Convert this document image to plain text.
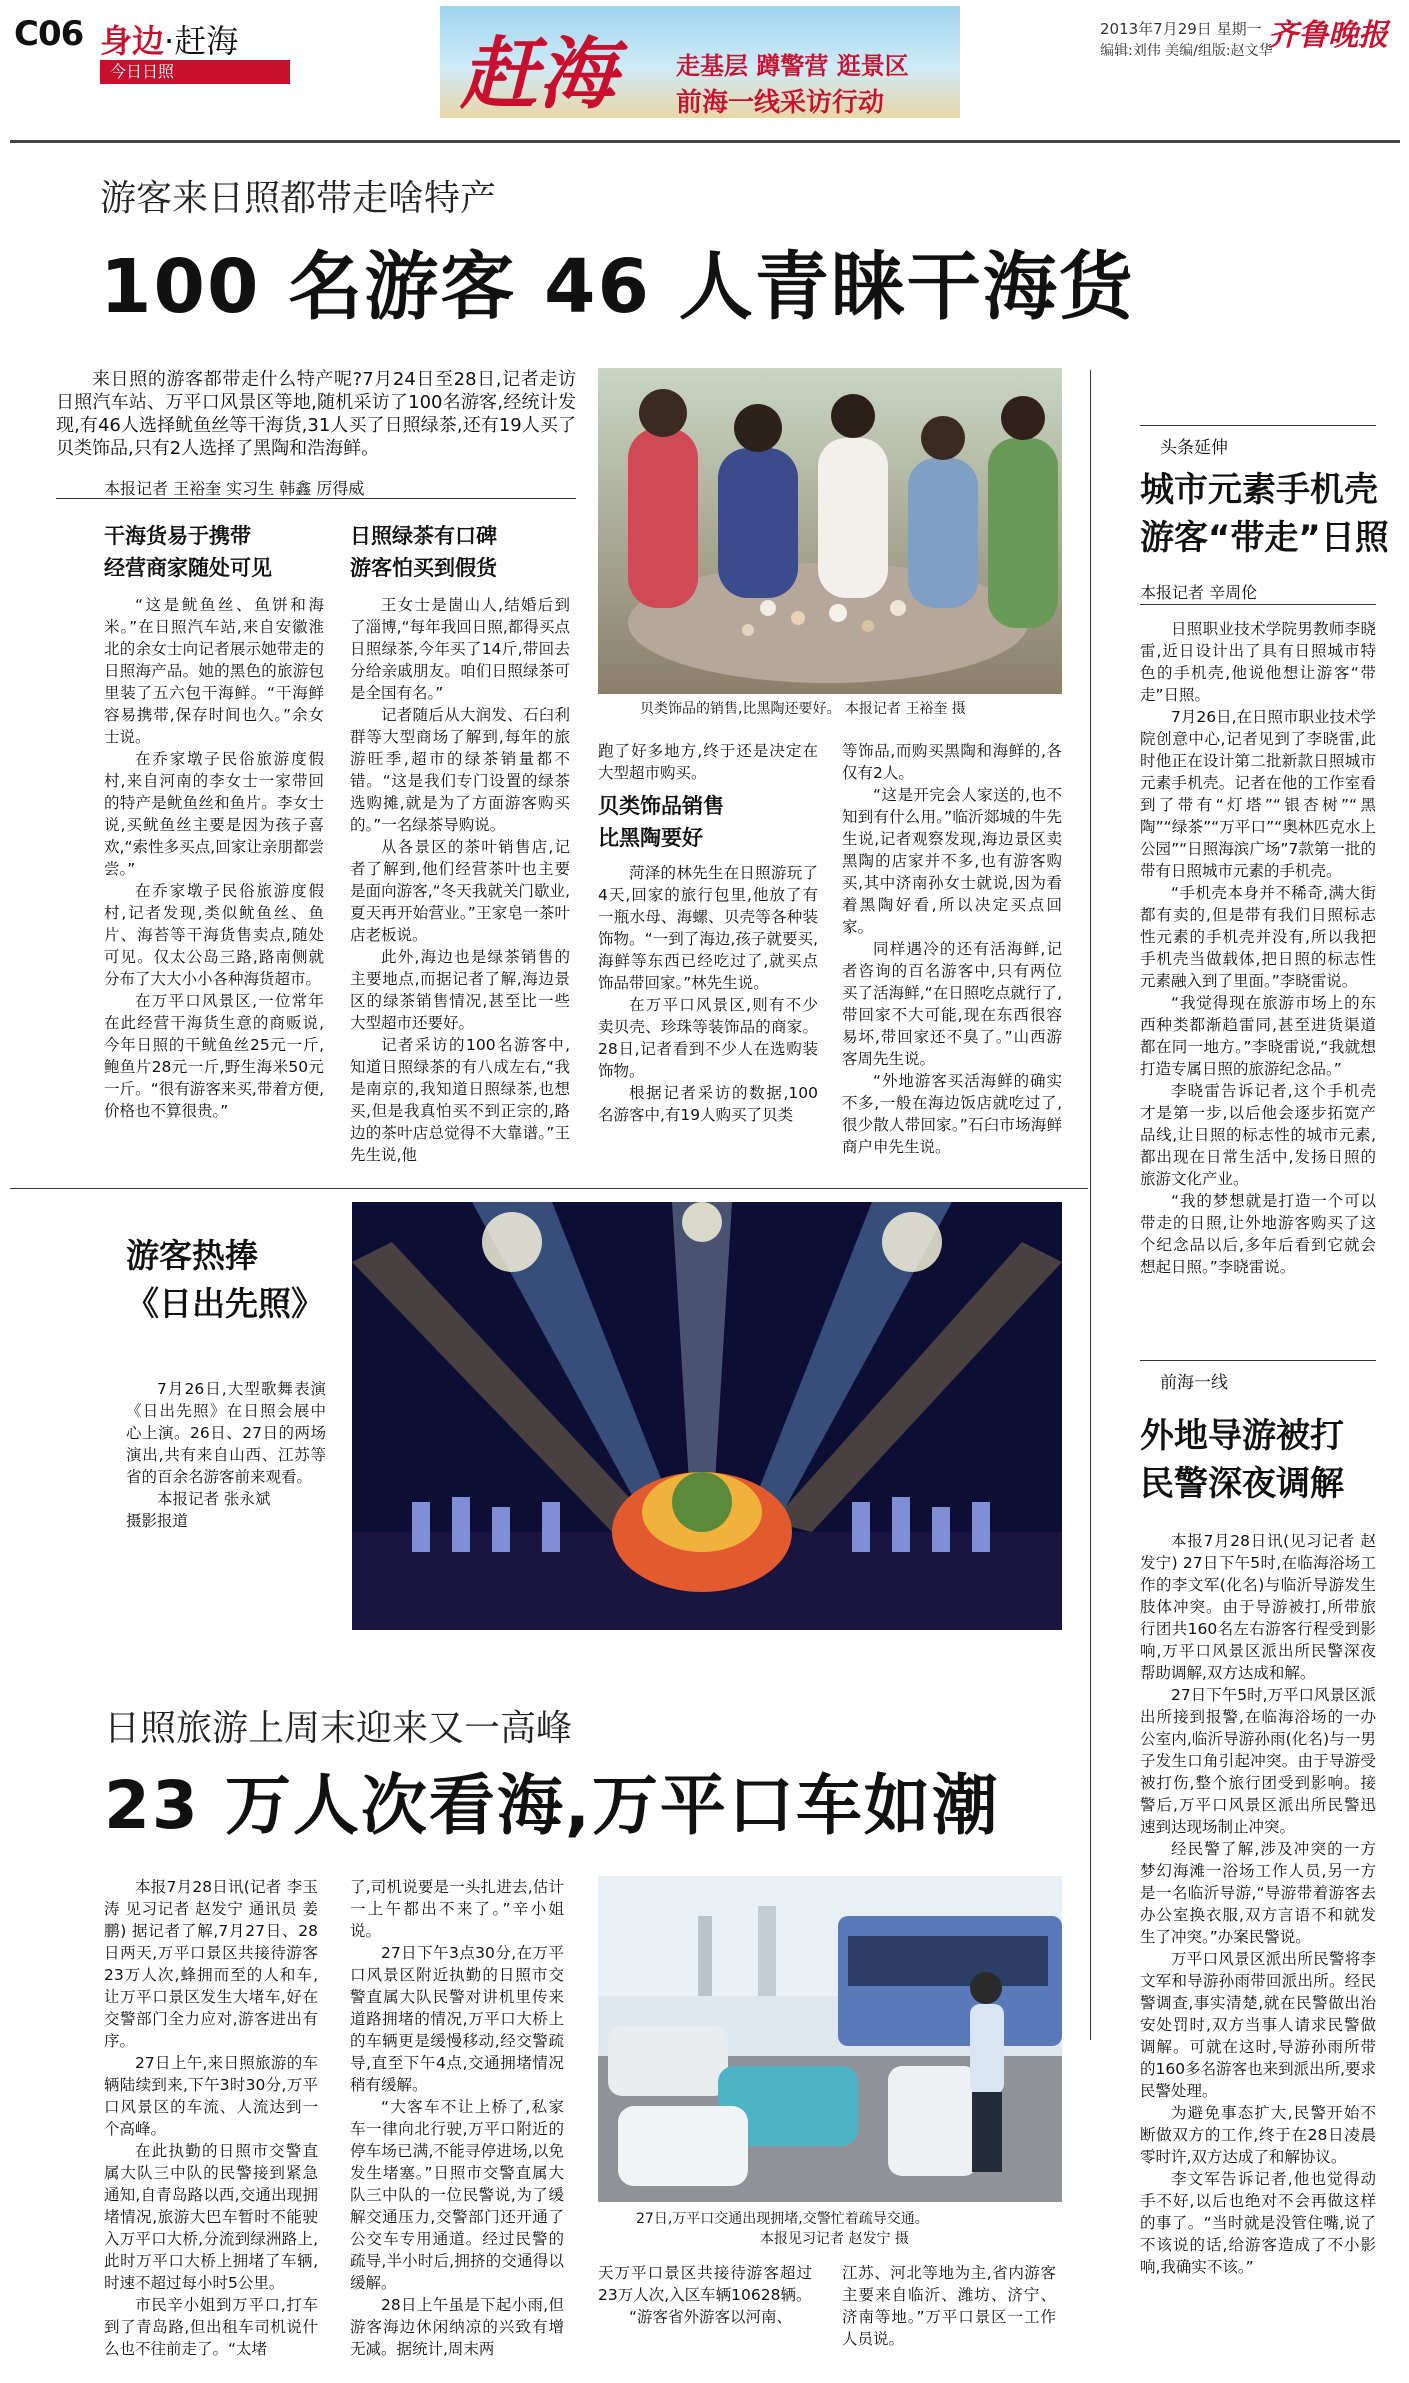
C06 身边·赶海
今日日照	赶海 走基层 蹲警营 逛景区
前海一线采访行动
2013年7月29日 星期一
编辑:刘伟 美编/组版:赵文华
齐鲁晚报
游客来日照都带走啥特产
100 名游客 46 人青睐干海货
来日照的游客都带走什么特产呢?7月24日至28日,记者走访日照汽车站、万平口风景区等地,随机采访了100名游客,经统计发现,有46人选择鱿鱼丝等干海货,31人买了日照绿茶,还有19人买了贝类饰品,只有2人选择了黑陶和浩海鲜。
本报记者 王裕奎 实习生 韩鑫 厉得威
贝类饰品的销售,比黑陶还要好。 本报记者 王裕奎 摄
干海货易于携带
经营商家随处可见

“这是鱿鱼丝、鱼饼和海米。”在日照汽车站,来自安徽淮北的余女士向记者展示她带走的日照海产品。她的黑色的旅游包里装了五六包干海鲜。“干海鲜容易携带,保存时间也久。”余女士说。

在乔家墩子民俗旅游度假村,来自河南的李女士一家带回的特产是鱿鱼丝和鱼片。李女士说,买鱿鱼丝主要是因为孩子喜欢,“索性多买点,回家让亲朋都尝尝。”

在乔家墩子民俗旅游度假村,记者发现,类似鱿鱼丝、鱼片、海苔等干海货售卖点,随处可见。仅太公岛三路,路南侧就分布了大大小小各种海货超市。

在万平口风景区,一位常年在此经营干海货生意的商贩说,今年日照的干鱿鱼丝25元一斤,鲍鱼片28元一斤,野生海米50元一斤。“很有游客来买,带着方便,价格也不算很贵。”

日照绿茶有口碑
游客怕买到假货

王女士是崮山人,结婚后到了淄博,“每年我回日照,都得买点日照绿茶,今年买了14斤,带回去分给亲戚朋友。咱们日照绿茶可是全国有名。”

记者随后从大润发、石臼利群等大型商场了解到,每年的旅游旺季,超市的绿茶销量都不错。“这是我们专门设置的绿茶选购摊,就是为了方面游客购买的。”一名绿茶导购说。

从各景区的茶叶销售店,记者了解到,他们经营茶叶也主要是面向游客,“冬天我就关门歇业,夏天再开始营业。”王家皂一茶叶店老板说。

此外,海边也是绿茶销售的主要地点,而据记者了解,海边景区的绿茶销售情况,甚至比一些大型超市还要好。

记者采访的100名游客中,知道日照绿茶的有八成左右,“我是南京的,我知道日照绿茶,也想买,但是我真怕买不到正宗的,路边的茶叶店总觉得不大靠谱。”王先生说,他

跑了好多地方,终于还是决定在大型超市购买。

贝类饰品销售
比黑陶要好

菏泽的林先生在日照游玩了4天,回家的旅行包里,他放了有一瓶水母、海螺、贝壳等各种装饰物。“一到了海边,孩子就要买,海鲜等东西已经吃过了,就买点饰品带回家。”林先生说。

在万平口风景区,则有不少卖贝壳、珍珠等装饰品的商家。28日,记者看到不少人在选购装饰物。

根据记者采访的数据,100名游客中,有19人购买了贝类

等饰品,而购买黑陶和海鲜的,各仅有2人。

“这是开完会人家送的,也不知到有什么用。”临沂郯城的牛先生说,记者观察发现,海边景区卖黑陶的店家并不多,也有游客购买,其中济南孙女士就说,因为看着黑陶好看,所以决定买点回家。

同样遇冷的还有活海鲜,记者咨询的百名游客中,只有两位买了活海鲜,“在日照吃点就行了,带回家不大可能,现在东西很容易坏,带回家还不臭了。”山西游客周先生说。

“外地游客买活海鲜的确实不多,一般在海边饭店就吃过了,很少散人带回家。”石臼市场海鲜商户申先生说。

头条延伸
城市元素手机壳
游客“带走”日照
本报记者 辛周伦

日照职业技术学院男教师李晓雷,近日设计出了具有日照城市特色的手机壳,他说他想让游客“带走”日照。

7月26日,在日照市职业技术学院创意中心,记者见到了李晓雷,此时他正在设计第二批新款日照城市元素手机壳。记者在他的工作室看到了带有“灯塔”“银杏树”“黑陶”“绿茶”“万平口”“奥林匹克水上公园”“日照海滨广场”7款第一批的带有日照城市元素的手机壳。

“手机壳本身并不稀奇,满大街都有卖的,但是带有我们日照标志性元素的手机壳并没有,所以我把手机壳当做载体,把日照的标志性元素融入到了里面。”李晓雷说。

“我觉得现在旅游市场上的东西种类都渐趋雷同,甚至进货渠道都在同一地方。”李晓雷说,“我就想打造专属日照的旅游纪念品。”

李晓雷告诉记者,这个手机壳才是第一步,以后他会逐步拓宽产品线,让日照的标志性的城市元素,都出现在日常生活中,发扬日照的旅游文化产业。

“我的梦想就是打造一个可以带走的日照,让外地游客购买了这个纪念品以后,多年后看到它就会想起日照。”李晓雷说。

游客热捧
《日出先照》

7月26日,大型歌舞表演《日出先照》在日照会展中心上演。26日、27日的两场演出,共有来自山西、江苏等省的百余名游客前来观看。

本报记者 张永斌

摄影报道

前海一线
外地导游被打
民警深夜调解

本报7月28日讯(见习记者 赵发宁) 27日下午5时,在临海浴场工作的李文军(化名)与临沂导游发生肢体冲突。由于导游被打,所带旅行团共160名左右游客行程受到影响,万平口风景区派出所民警深夜帮助调解,双方达成和解。

27日下午5时,万平口风景区派出所接到报警,在临海浴场的一办公室内,临沂导游孙雨(化名)与一男子发生口角引起冲突。由于导游受被打伤,整个旅行团受到影响。接警后,万平口风景区派出所民警迅速到达现场制止冲突。

经民警了解,涉及冲突的一方梦幻海滩一浴场工作人员,另一方是一名临沂导游,“导游带着游客去办公室换衣服,双方言语不和就发生了冲突。”办案民警说。

万平口风景区派出所民警将李文军和导游孙雨带回派出所。经民警调查,事实清楚,就在民警做出治安处罚时,双方当事人请求民警做调解。可就在这时,导游孙雨所带的160多名游客也来到派出所,要求民警处理。

为避免事态扩大,民警开始不断做双方的工作,终于在28日凌晨零时许,双方达成了和解协议。

李文军告诉记者,他也觉得动手不好,以后也绝对不会再做这样的事了。“当时就是没管住嘴,说了不该说的话,给游客造成了不小影响,我确实不该。”

日照旅游上周末迎来又一高峰
23 万人次看海,万平口车如潮

本报7月28日讯(记者 李玉涛 见习记者 赵发宁 通讯员 姜鹏) 据记者了解,7月27日、28日两天,万平口景区共接待游客23万人次,蜂拥而至的人和车,让万平口景区发生大堵车,好在交警部门全力应对,游客进出有序。

27日上午,来日照旅游的车辆陆续到来,下午3时30分,万平口风景区的车流、人流达到一个高峰。

在此执勤的日照市交警直属大队三中队的民警接到紧急通知,自青岛路以西,交通出现拥堵情况,旅游大巴车暂时不能驶入万平口大桥,分流到绿洲路上,此时万平口大桥上拥堵了车辆,时速不超过每小时5公里。

市民辛小姐到万平口,打车到了青岛路,但出租车司机说什么也不往前走了。“太堵

了,司机说要是一头扎进去,估计一上午都出不来了。”辛小姐说。

27日下午3点30分,在万平口风景区附近执勤的日照市交警直属大队民警对讲机里传来道路拥堵的情况,万平口大桥上的车辆更是缓慢移动,经交警疏导,直至下午4点,交通拥堵情况稍有缓解。

“大客车不让上桥了,私家车一律向北行驶,万平口附近的停车场已满,不能寻停进场,以免发生堵塞。”日照市交警直属大队三中队的一位民警说,为了缓解交通压力,交警部门还开通了公交车专用通道。经过民警的疏导,半小时后,拥挤的交通得以缓解。

28日上午虽是下起小雨,但游客海边休闲纳凉的兴致有增无减。据统计,周末两

27日,万平口交通出现拥堵,交警忙着疏导交通。
本报见习记者 赵发宁 摄

天万平口景区共接待游客超过23万人次,入区车辆10628辆。

“游客省外游客以河南、

江苏、河北等地为主,省内游客主要来自临沂、潍坊、济宁、济南等地。”万平口景区一工作人员说。
